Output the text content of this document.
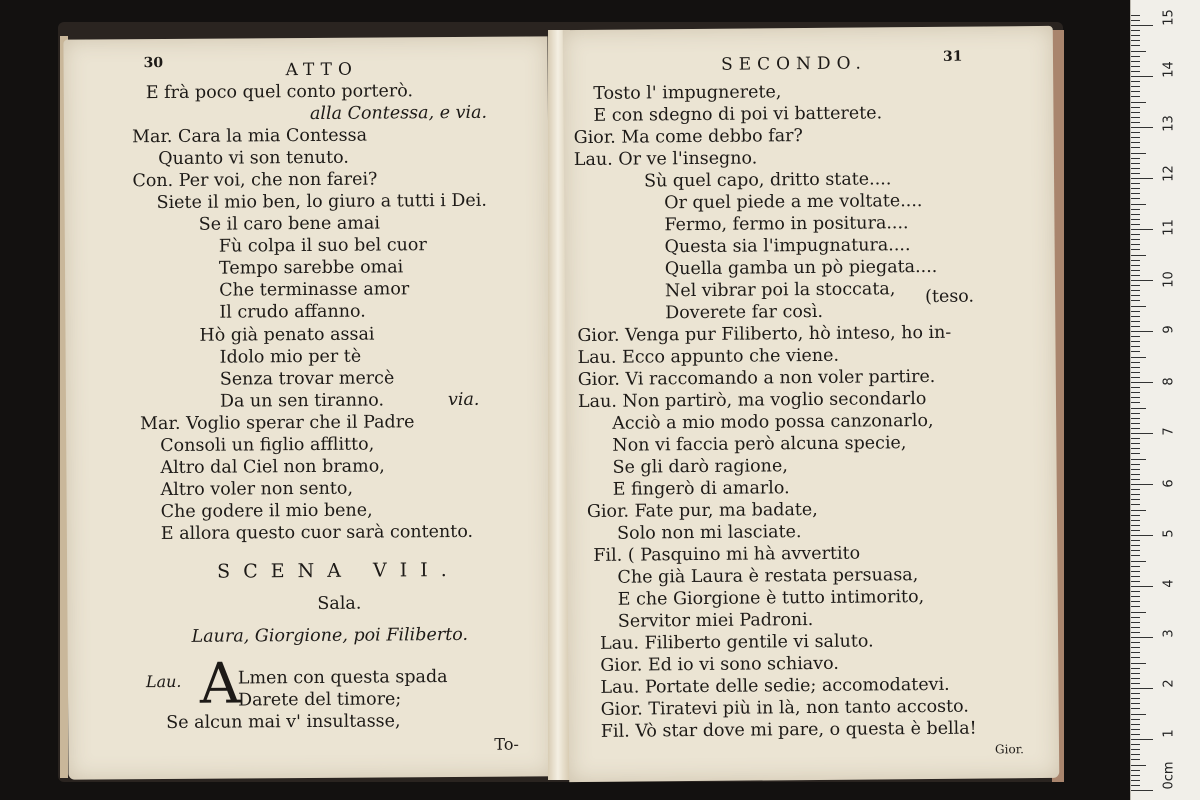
30	ATTO
E frà poco quel conto porterò.
alla Contessa, e via.
Mar. Cara la mia Contessa
Quanto vi son tenuto.
Con. Per voi, che non farei?
Siete il mio ben, lo giuro a tutti i Dei.
Se il caro bene amai
Fù colpa il suo bel cuor
Tempo sarebbe omai
Che terminasse amor
Il crudo affanno.
Hò già penato assai
Idolo mio per tè
Senza trovar mercè
Da un sen tiranno.	via.
Mar. Voglio sperar che il Padre
Consoli un figlio afflitto,
Altro dal Ciel non bramo,
Altro voler non sento,
Che godere il mio bene,
E allora questo cuor sarà contento.
SCENA VII.
Sala.
Laura, Giorgione, poi Filiberto.
Lau. A
Lmen con questa spada
Darete del timore;
Se alcun mai v' insultasse,
To-
SECONDO.	31
Tosto l' impugnerete,
E con sdegno di poi vi batterete.
Gior. Ma come debbo far?
Lau. Or ve l'insegno.
Sù quel capo, dritto state....
Or quel piede a me voltate....
Fermo, fermo in positura....
Questa sia l'impugnatura....
Quella gamba un pò piegata....
Nel vibrar poi la stoccata,
Doverete far così.
(teso.
Gior. Venga pur Filiberto, hò inteso, ho in-
Lau. Ecco appunto che viene.
Gior. Vi raccomando a non voler partire.
Lau. Non partirò, ma voglio secondarlo
Acciò a mio modo possa canzonarlo,
Non vi faccia però alcuna specie,
Se gli darò ragione,
E fingerò di amarlo.
Gior. Fate pur, ma badate,
Solo non mi lasciate.
Fil. ( Pasquino mi hà avvertito
Che già Laura è restata persuasa,
E che Giorgione è tutto intimorito,
Servitor miei Padroni.
Lau. Filiberto gentile vi saluto.
Gior. Ed io vi sono schiavo.
Lau. Portate delle sedie; accomodatevi.
Gior. Tiratevi più in là, non tanto accosto.
Fil. Vò star dove mi pare, o questa è bella!
Gior.
0cm
1
2
3
4
5
6
7
8
9
10
11
12
13
14
15
